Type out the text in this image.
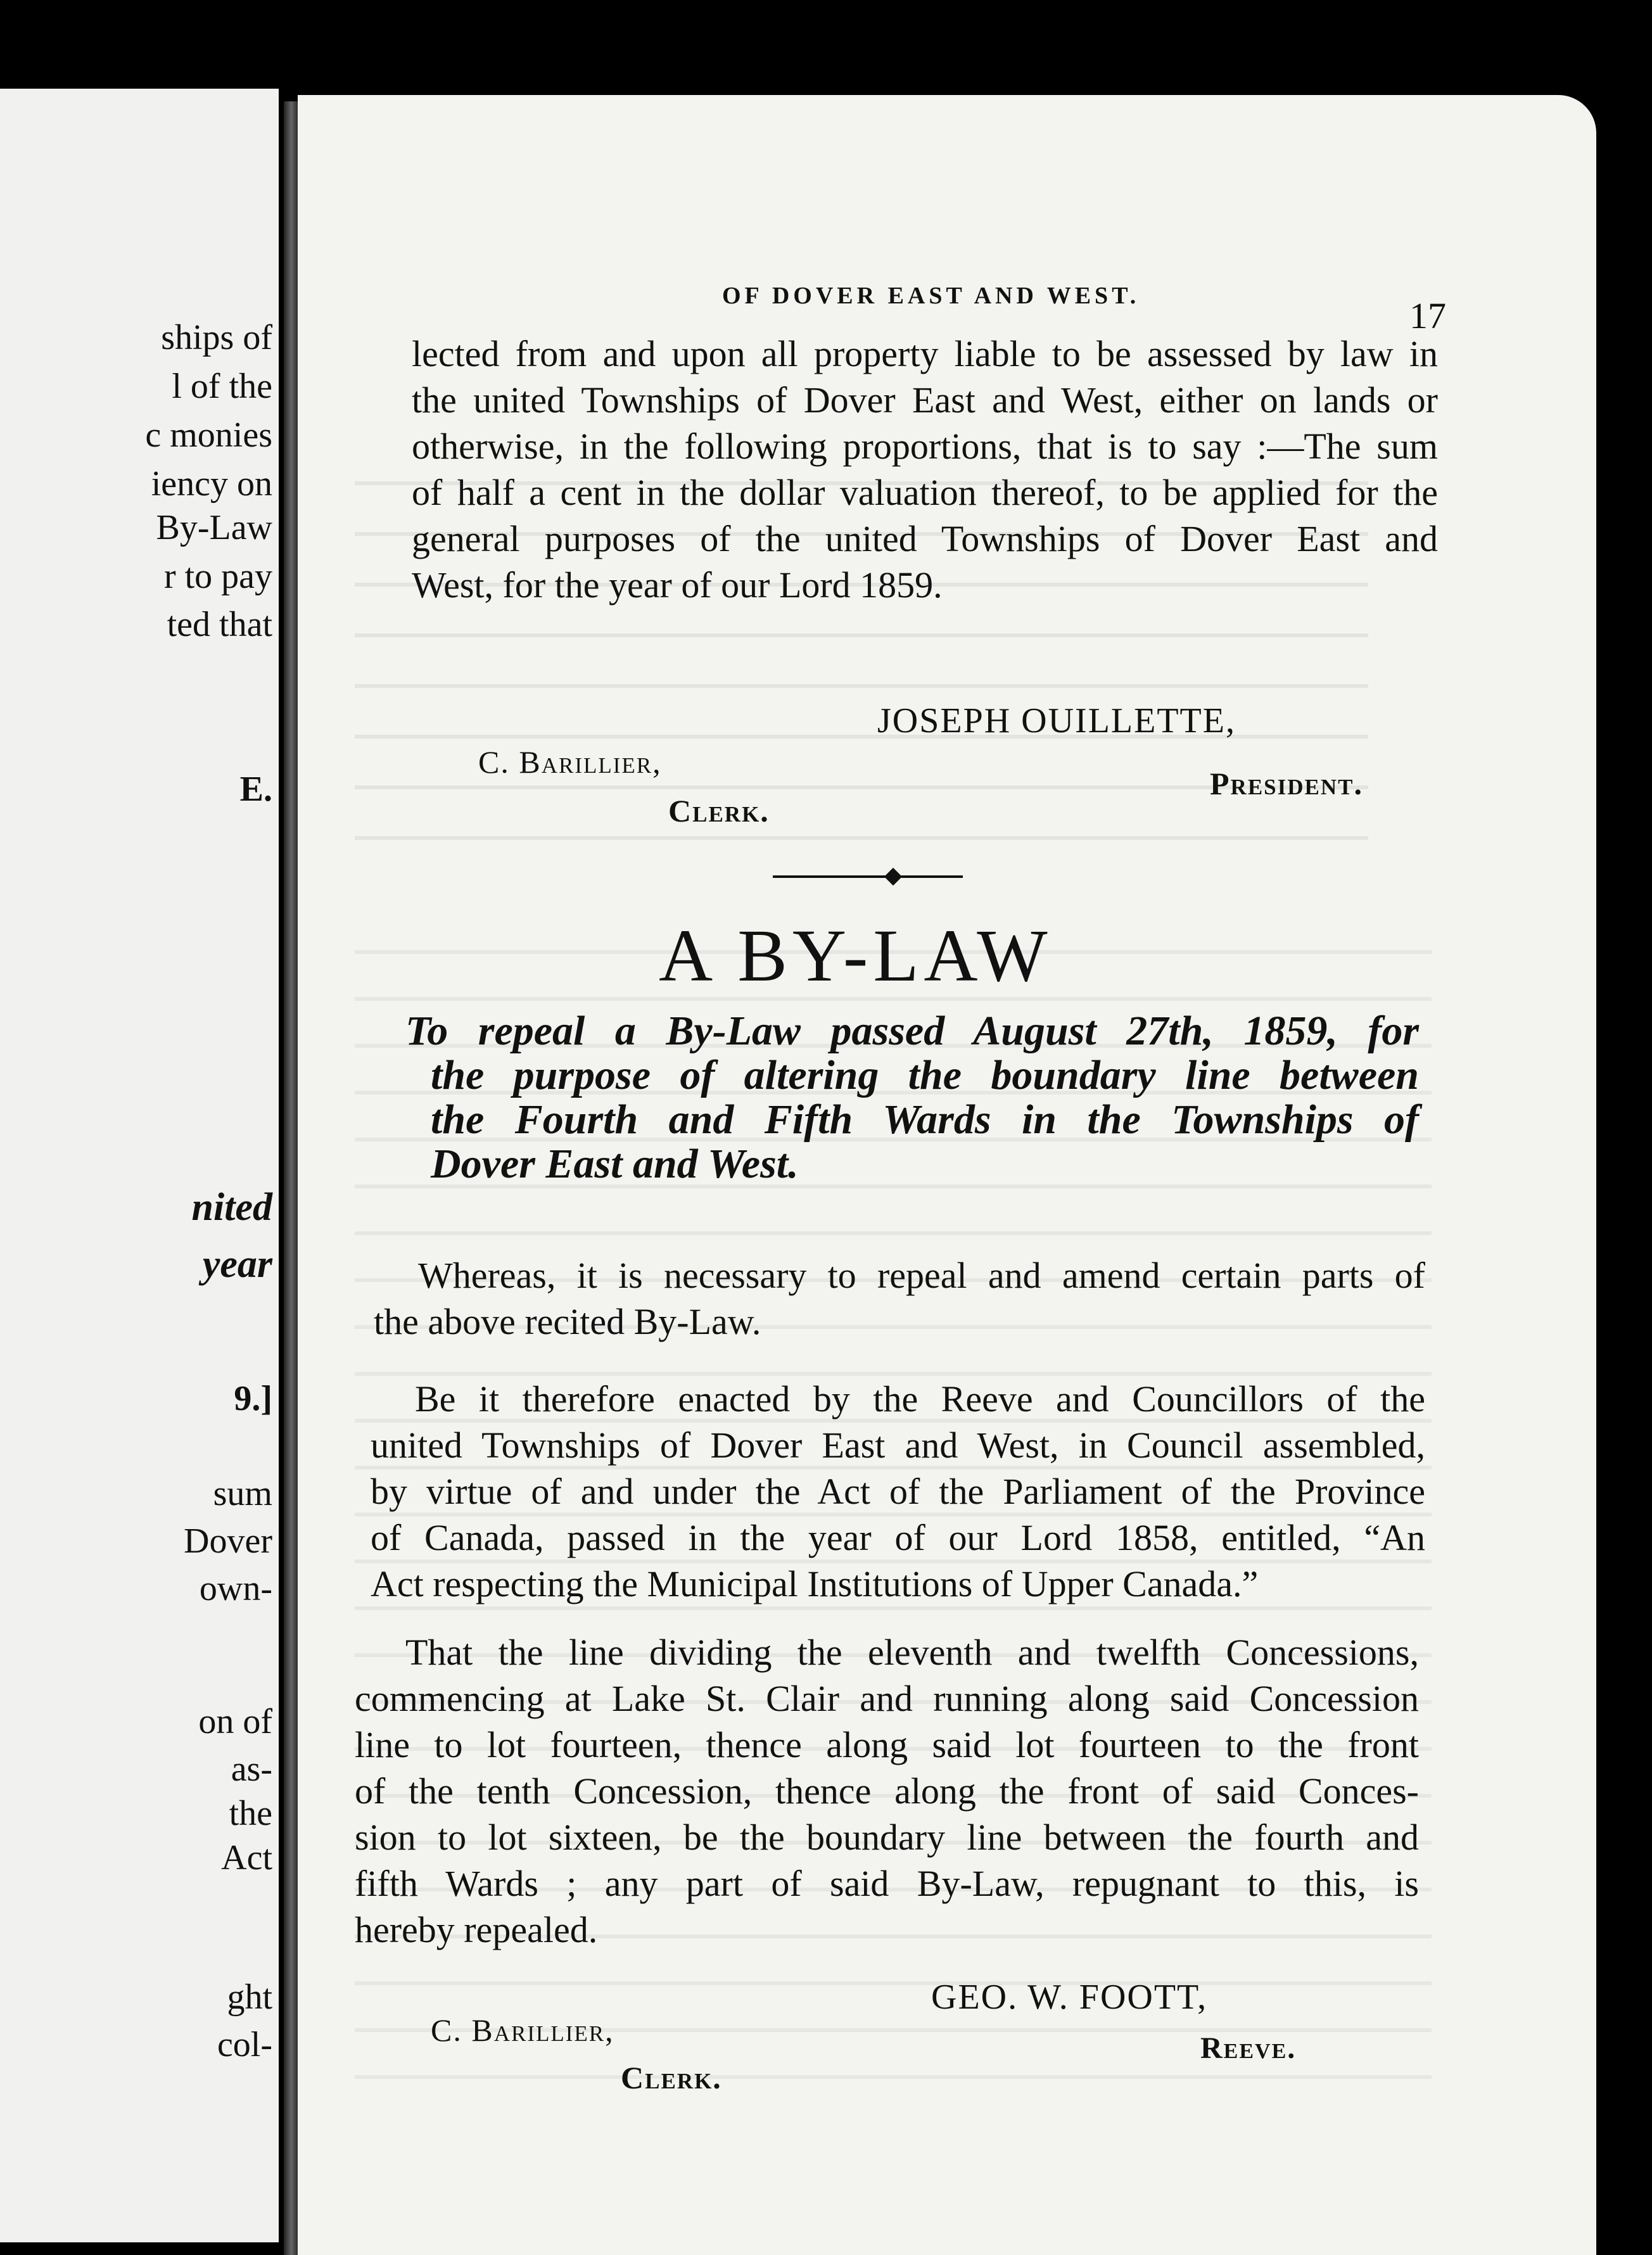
ships of
l of the
c monies
iency on
By-Law
r to pay
ted that
E.
nited
year
9.]
sum
Dover
own-
on of
as-
the
Act
ght
col-
OF DOVER EAST AND WEST.	17
lected from and upon all property liable to be assessed by law in
the united Townships of Dover East and West, either on lands or
otherwise, in the following proportions, that is to say :—The sum
of half a cent in the dollar valuation thereof, to be applied for the
general purposes of the united Townships of Dover East and
West, for the year of our Lord 1859.
JOSEPH OUILLETTE,
C. Barillier,
President.
Clerk.
A BY-LAW
To repeal a By-Law passed August 27th, 1859, for
the purpose of altering the boundary line between
the Fourth and Fifth Wards in the Townships of
Dover East and West.
Whereas, it is necessary to repeal and amend certain parts of
the above recited By-Law.
Be it therefore enacted by the Reeve and Councillors of the
united Townships of Dover East and West, in Council assembled,
by virtue of and under the Act of the Parliament of the Province
of Canada, passed in the year of our Lord 1858, entitled, “An
Act respecting the Municipal Institutions of Upper Canada.”
That the line dividing the eleventh and twelfth Concessions,
commencing at Lake St. Clair and running along said Concession
line to lot fourteen, thence along said lot fourteen to the front
of the tenth Concession, thence along the front of said Conces-
sion to lot sixteen, be the boundary line between the fourth and
fifth Wards ; any part of said By-Law, repugnant to this, is
hereby repealed.
GEO. W. FOOTT,
C. Barillier,
Reeve.
Clerk.
